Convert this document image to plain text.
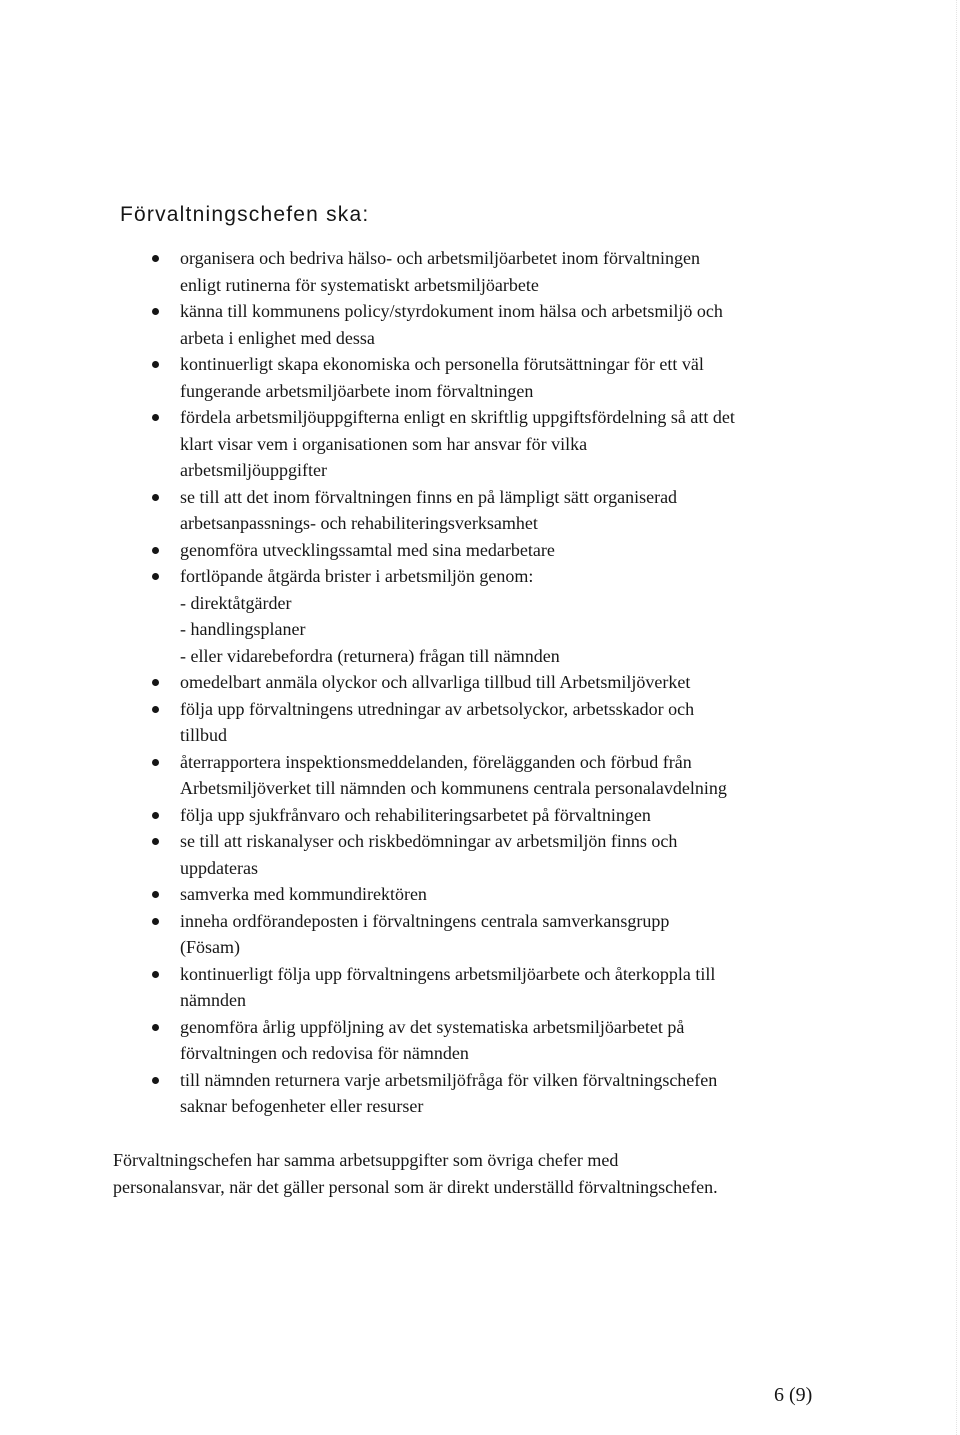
Förvaltningschefen ska:
organisera och bedriva hälso- och arbetsmiljöarbetet inom förvaltningen
enligt rutinerna för systematiskt arbetsmiljöarbete
känna till kommunens policy/styrdokument inom hälsa och arbetsmiljö och
arbeta i enlighet med dessa
kontinuerligt skapa ekonomiska och personella förutsättningar för ett väl
fungerande arbetsmiljöarbete inom förvaltningen
fördela arbetsmiljöuppgifterna enligt en skriftlig uppgiftsfördelning så att det
klart visar vem i organisationen som har ansvar för vilka
arbetsmiljöuppgifter
se till att det inom förvaltningen finns en på lämpligt sätt organiserad
arbetsanpassnings- och rehabiliteringsverksamhet
genomföra utvecklingssamtal med sina medarbetare
fortlöpande åtgärda brister i arbetsmiljön genom:
- direktåtgärder
- handlingsplaner
- eller vidarebefordra (returnera) frågan till nämnden
omedelbart anmäla olyckor och allvarliga tillbud till Arbetsmiljöverket
följa upp förvaltningens utredningar av arbetsolyckor, arbetsskador och
tillbud
återrapportera inspektionsmeddelanden, förelägganden och förbud från
Arbetsmiljöverket till nämnden och kommunens centrala personalavdelning
följa upp sjukfrånvaro och rehabiliteringsarbetet på förvaltningen
se till att riskanalyser och riskbedömningar av arbetsmiljön finns och
uppdateras
samverka med kommundirektören
inneha ordförandeposten i förvaltningens centrala samverkansgrupp
(Fösam)
kontinuerligt följa upp förvaltningens arbetsmiljöarbete och återkoppla till
nämnden
genomföra årlig uppföljning av det systematiska arbetsmiljöarbetet på
förvaltningen och redovisa för nämnden
till nämnden returnera varje arbetsmiljöfråga för vilken förvaltningschefen
saknar befogenheter eller resurser

Förvaltningschefen har samma arbetsuppgifter som övriga chefer med
personalansvar, när det gäller personal som är direkt underställd förvaltningschefen.

6 (9)
